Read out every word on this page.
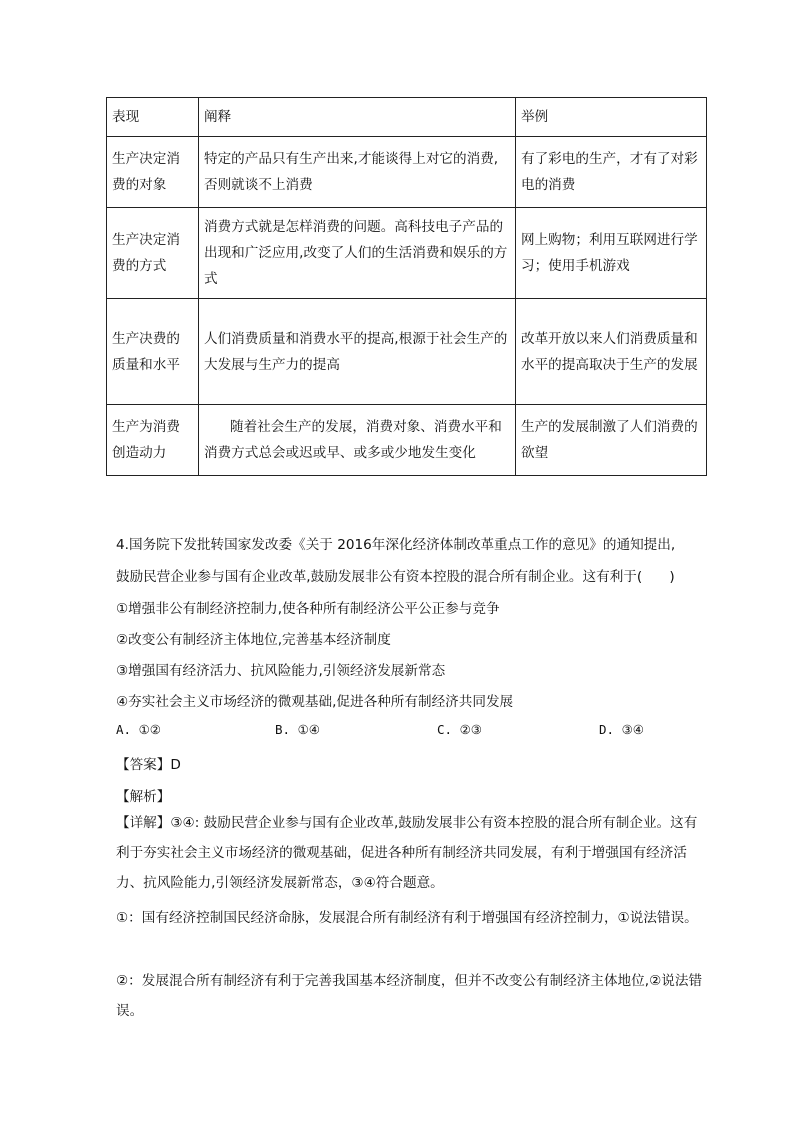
表现	阐释	举例
生产决定消费的对象	特定的产品只有生产出来,才能谈得上对它的消费,否则就谈不上消费	有了彩电的生产，才有了对彩电的消费
生产决定消费的方式	消费方式就是怎样消费的问题。高科技电子产品的出现和广泛应用,改变了人们的生活消费和娱乐的方式	网上购物；利用互联网进行学习；使用手机游戏
生产决费的质量和水平	人们消费质量和消费水平的提高,根源于社会生产的大发展与生产力的提高	改革开放以来人们消费质量和水平的提高取决于生产的发展
生产为消费创造动力	随着社会生产的发展，消费对象、消费水平和消费方式总会或迟或早、或多或少地发生变化	生产的发展制激了人们消费的欲望
4.国务院下发批转国家发改委《关于 2016年深化经济体制改革重点工作的意见》的通知提出,
鼓励民营企业参与国有企业改革,鼓励发展非公有资本控股的混合所有制企业。这有利于(　　)
①增强非公有制经济控制力,使各种所有制经济公平公正参与竞争
②改变公有制经济主体地位,完善基本经济制度
③增强国有经济活力、抗风险能力,引领经济发展新常态
④夯实社会主义市场经济的微观基础,促进各种所有制经济共同发展
A. ①②	B. ①④	C. ②③	D. ③④
【答案】D
【解析】
【详解】③④: 鼓励民营企业参与国有企业改革,鼓励发展非公有资本控股的混合所有制企业。这有利于夯实社会主义市场经济的微观基础，促进各种所有制经济共同发展，有利于增强国有经济活力、抗风险能力,引领经济发展新常态，③④符合题意。
①：国有经济控制国民经济命脉，发展混合所有制经济有利于增强国有经济控制力，①说法错误。
②：发展混合所有制经济有利于完善我国基本经济制度，但并不改变公有制经济主体地位,②说法错误。
